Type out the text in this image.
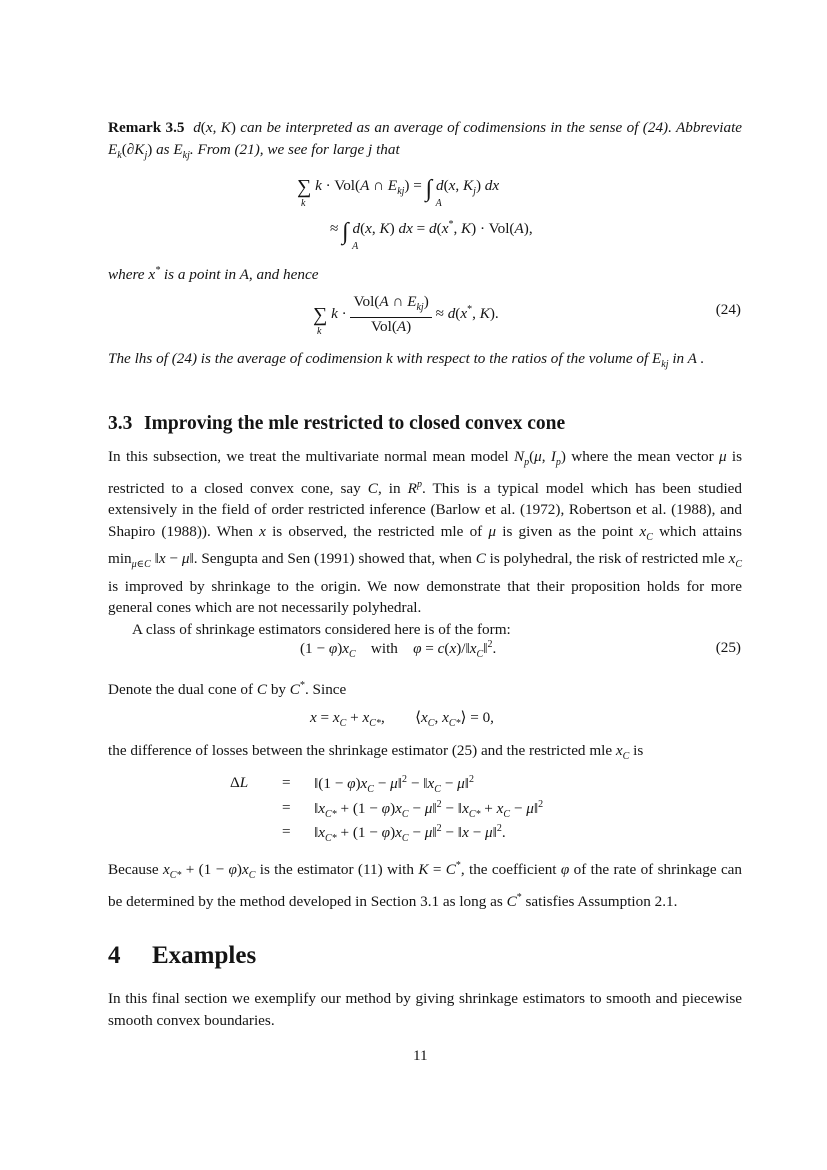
Remark 3.5 d(x, K) can be interpreted as an average of codimensions in the sense of (24). Abbreviate $E_k(\partial K_j)$ as $E_{kj}$. From (21), we see for large j that
∑
k
k · Vol(A ∩ $E_{kj}$) = ∫
A
d(x, $K_j$) dx
≈ ∫
A
d(x, K) dx = d(x*, K) · Vol(A),
where x* is a point in A, and hence
∑
k
$k \cdot \frac{Vol(A \cap E_{kj})}{\text{Vol(A)}} \approx d(x^*$, K).	(24)
The lhs of (24) is the average of codimension k with respect to the ratios of the volume of $E_{kj}$ in A .
3.3 Improving the mle restricted to closed convex cone
In this subsection, we treat the multivariate normal mean model $N_p(\mu$, $I_p$) where the mean vector μ is restricted to a closed convex cone, say C, in $R^p$. This is a typical model which has been studied extensively in the field of order restricted inference (Barlow et al. (1972), Robertson et al. (1988), and Shapiro (1988)). When x is observed, the restricted mle of μ is given as the point $x_C$ which attains $\min_{\mu\in C}$ ‖x − μ‖. Sengupta and Sen (1991) showed that, when C is polyhedral, the risk of restricted mle $x_C$ is improved by shrinkage to the origin. We now demonstrate that their proposition holds for more general cones which are not necessarily polyhedral.
A class of shrinkage estimators considered here is of the form:
$(1 - \varphi)x_C$ with $\varphi = c(x)/‖x_C‖^2$.	(25)
Denote the dual cone of C by C*. Since
$x = x_C + x_{C*}$,        $⟨x_C$, $x_{C*}⟩ = 0$,
the difference of losses between the shrinkage estimator (25) and the restricted mle $x_C$ is
ΔL = ‖(1 − $\varphi)x_C$ − μ‖$^2$ − $‖x_C$ − μ‖$^2$
= $‖x_{C*} + (1 - \varphi)x_C$ − μ‖$^2$ − $‖x_{C*} + x_C$ − μ‖$^2$
= $‖x_{C*} + (1 - \varphi)x_C$ − μ‖$^2$ − ‖x − μ‖$^2$.
Because $x_{C*} + (1 - \varphi)x_C$ is the estimator (11) with K = C*, the coefficient φ of the rate of shrinkage can be determined by the method developed in Section 3.1 as long as C* satisfies Assumption 2.1.
4 Examples
In this final section we exemplify our method by giving shrinkage estimators to smooth and piecewise smooth convex boundaries.
11
